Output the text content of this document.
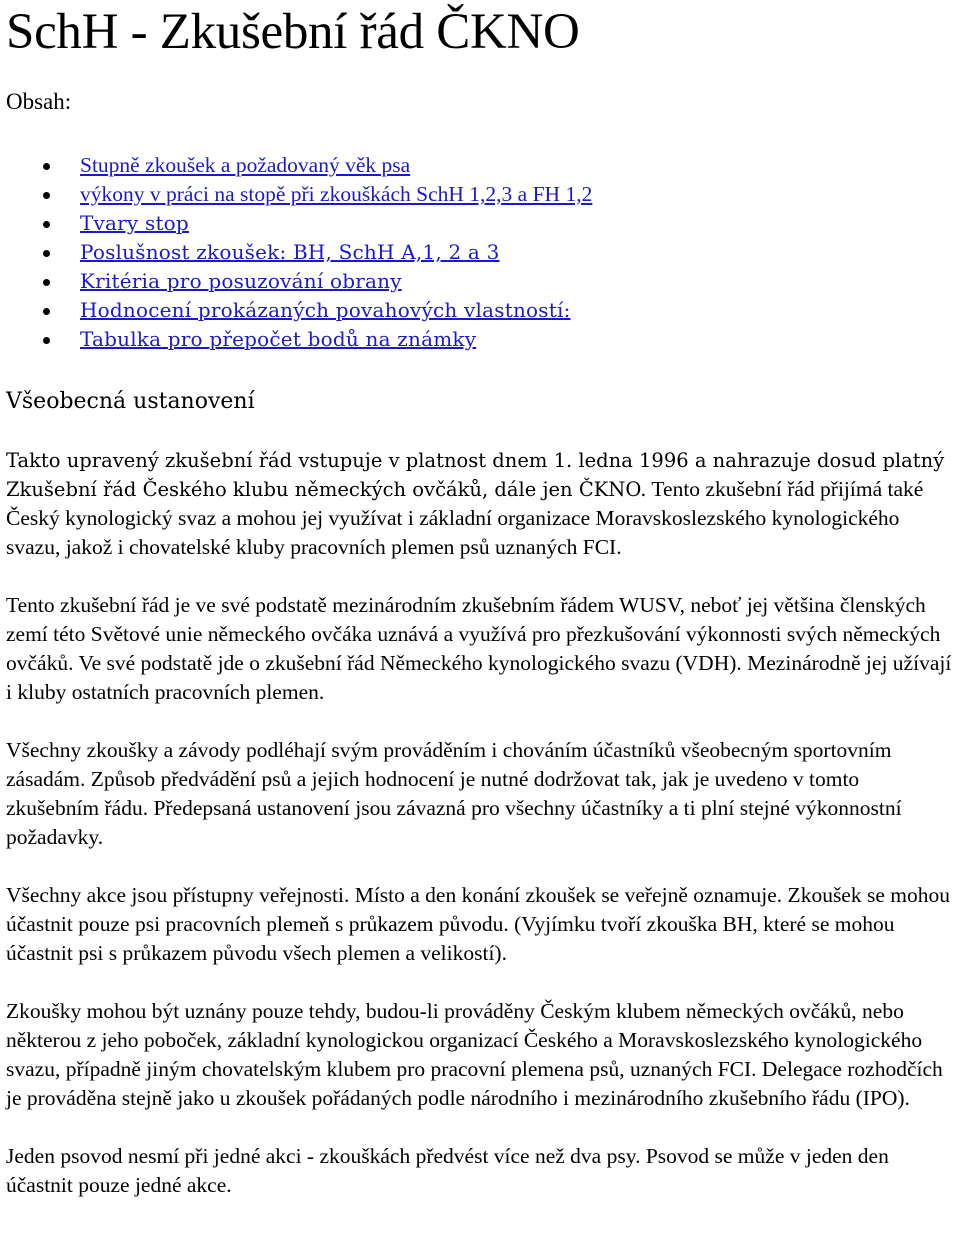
SchH - Zkušební řád ČKNO
Obsah:
Stupně zkoušek a požadovaný věk psa
výkony v práci na stopě při zkouškách SchH 1,2,3 a FH 1,2
Tvary stop
Poslušnost zkoušek: BH, SchH A,1, 2 a 3
Kritéria pro posuzování obrany
Hodnocení prokázaných povahových vlastností:
Tabulka pro přepočet bodů na známky
Všeobecná ustanovení

Takto upravený zkušební řád vstupuje v platnost dnem 1. ledna 1996 a nahrazuje dosud platný Zkušební řád Českého klubu německých ovčáků, dále jen ČKNO. Tento zkušební řád přijímá také Český kynologický svaz a mohou jej využívat i základní organizace Moravskoslezského kynologického svazu, jakož i chovatelské kluby pracovních plemen psů uznaných FCI.

Tento zkušební řád je ve své podstatě mezinárodním zkušebním řádem WUSV, neboť jej většina členských zemí této Světové unie německého ovčáka uznává a využívá pro přezkušování výkonnosti svých německých ovčáků. Ve své podstatě jde o zkušební řád Německého kynologického svazu (VDH). Mezinárodně jej užívají i kluby ostatních pracovních plemen.

Všechny zkoušky a závody podléhají svým prováděním i chováním účastníků všeobecným sportovním zásadám. Způsob předvádění psů a jejich hodnocení je nutné dodržovat tak, jak je uvedeno v tomto zkušebním řádu. Předepsaná ustanovení jsou závazná pro všechny účastníky a ti plní stejné výkonnostní požadavky.

Všechny akce jsou přístupny veřejnosti. Místo a den konání zkoušek se veřejně oznamuje. Zkoušek se mohou účastnit pouze psi pracovních plemeň s průkazem původu. (Vyjímku tvoří zkouška BH, které se mohou účastnit psi s průkazem původu všech plemen a velikostí).

Zkoušky mohou být uznány pouze tehdy, budou-li prováděny Českým klubem německých ovčáků, nebo některou z jeho poboček, základní kynologickou organizací Českého a Moravskoslezského kynologického svazu, případně jiným chovatelským klubem pro pracovní plemena psů, uznaných FCI. Delegace rozhodčích je prováděna stejně jako u zkoušek pořádaných podle národního i mezinárodního zkušebního řádu (IPO).

Jeden psovod nesmí při jedné akci - zkouškách předvést více než dva psy. Psovod se může v jeden den účastnit pouze jedné akce.
